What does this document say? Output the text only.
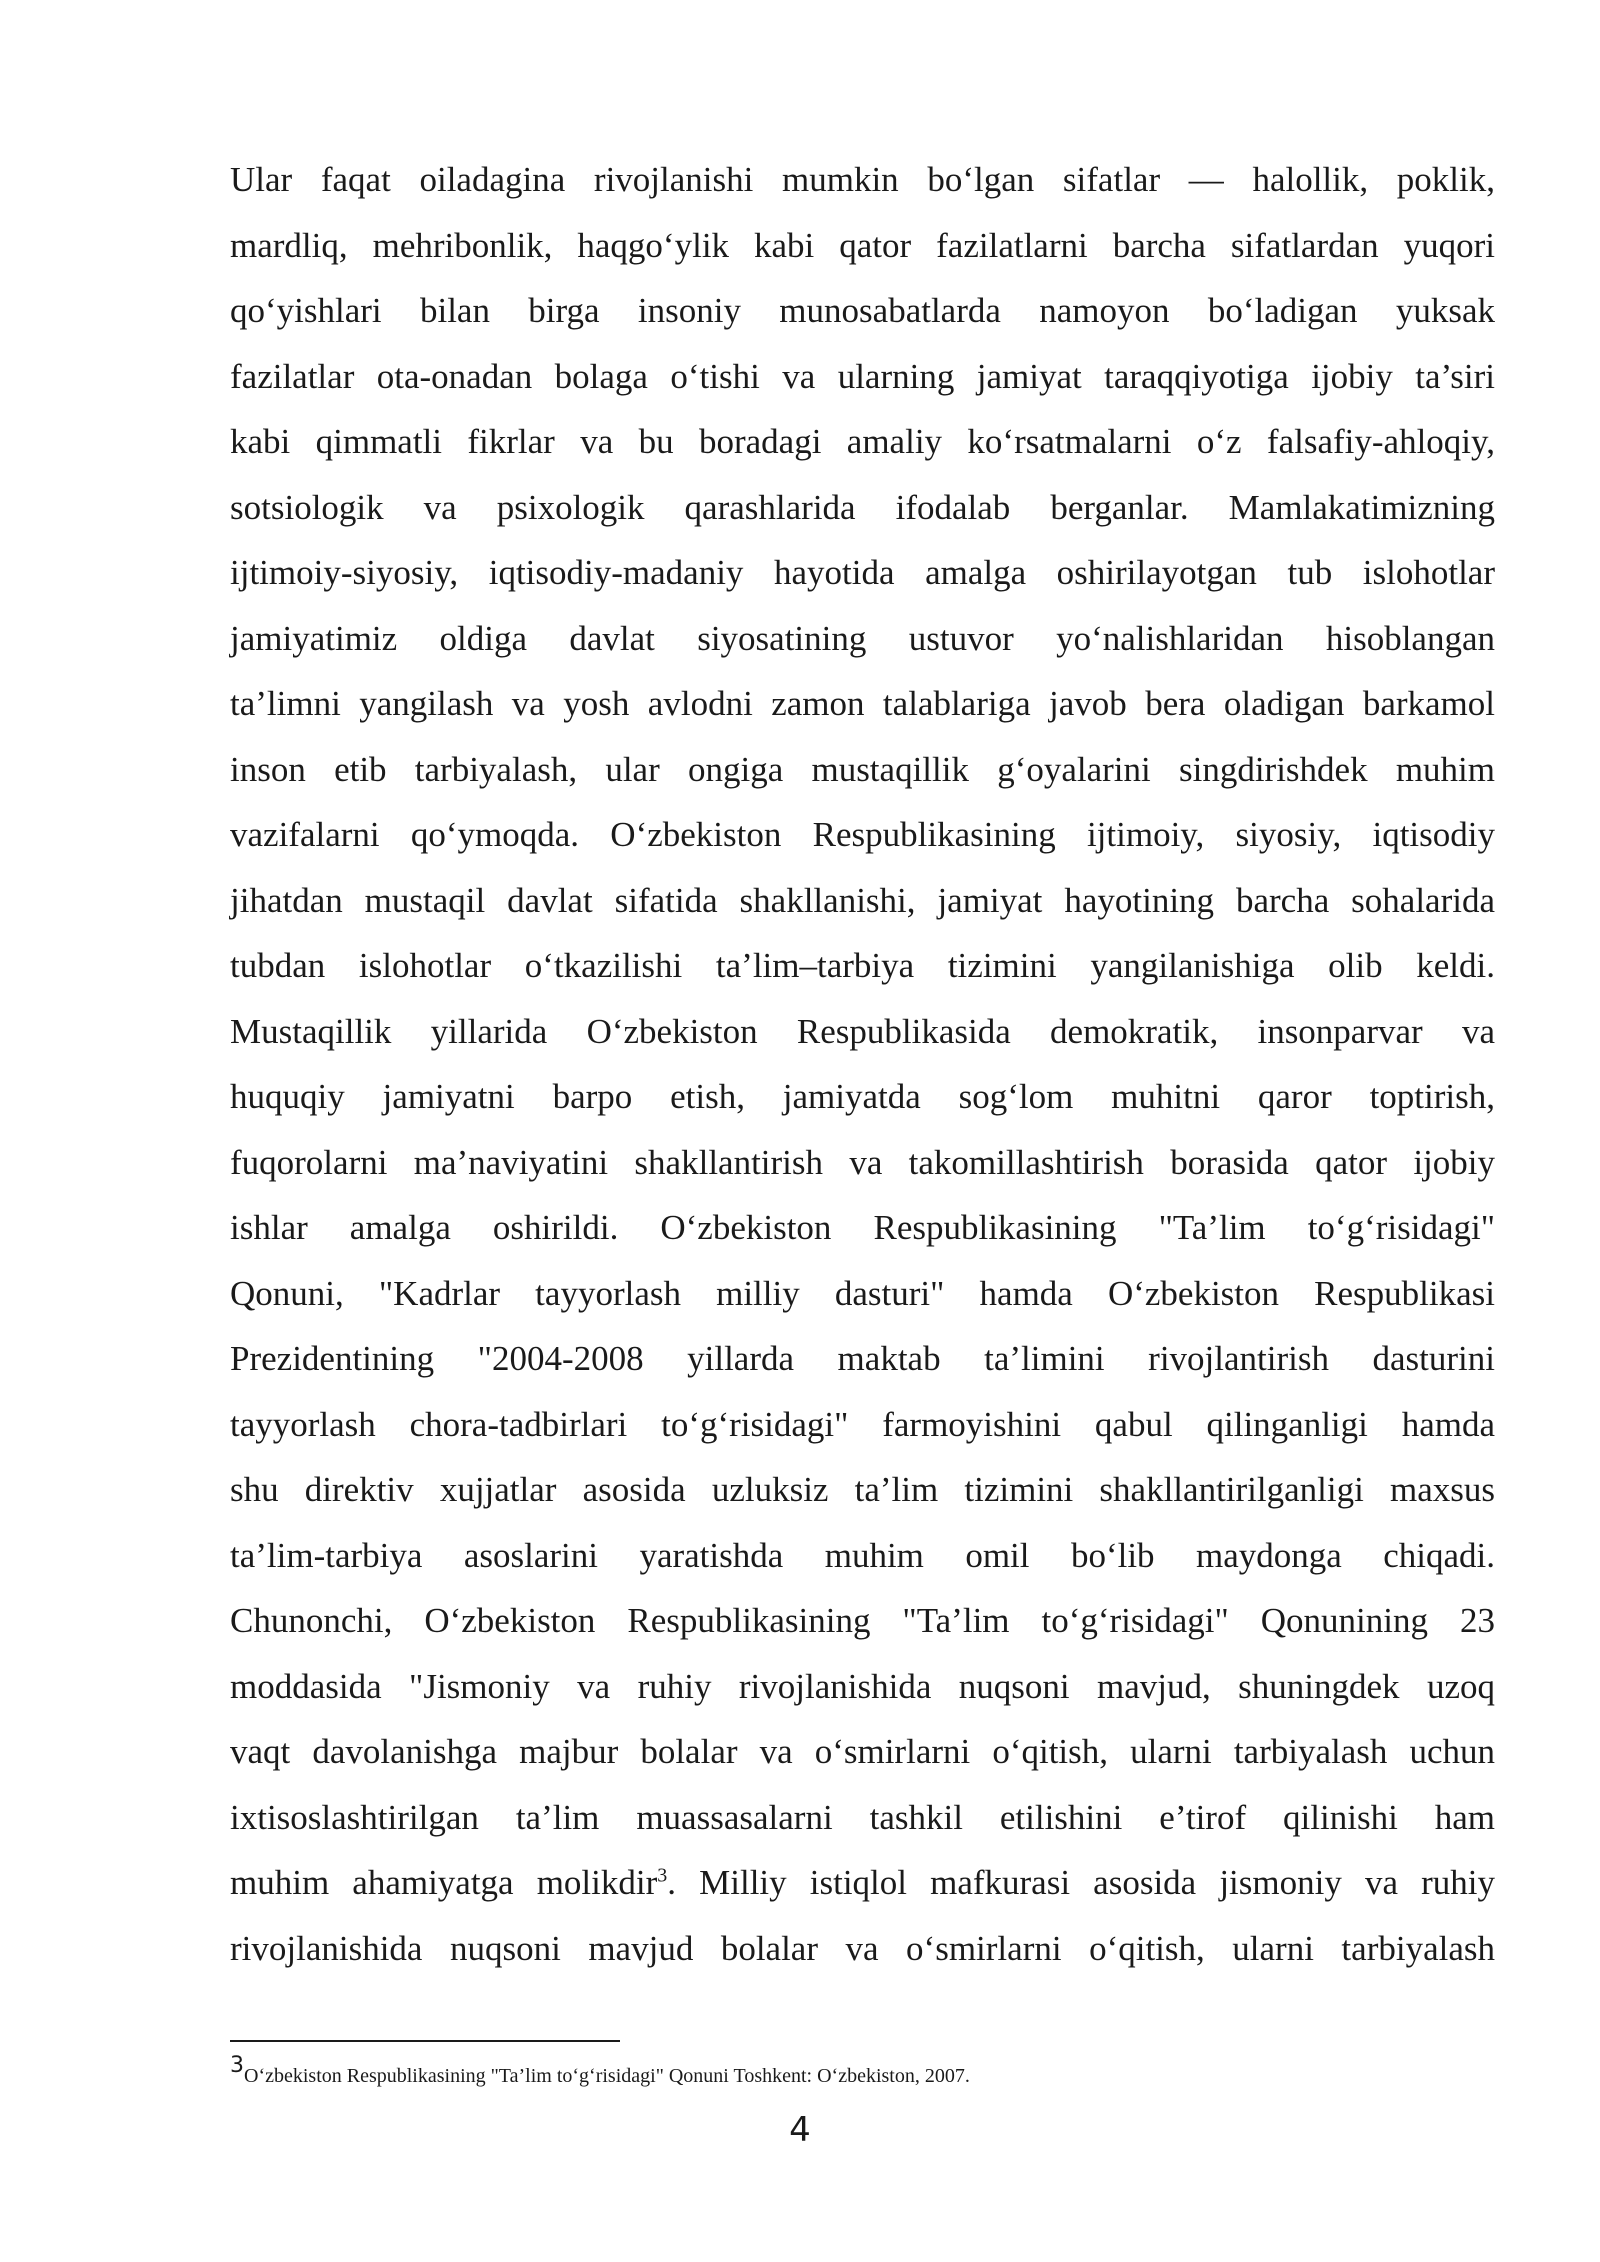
Ular faqat oiladagina rivojlanishi mumkin bo‘lgan sifatlar — halollik, poklik,
mardliq, mehribonlik, haqgo‘ylik kabi qator fazilatlarni barcha sifatlardan yuqori
qo‘yishlari bilan birga insoniy munosabatlarda namoyon bo‘ladigan yuksak
fazilatlar ota-onadan bolaga o‘tishi va ularning jamiyat taraqqiyotiga ijobiy ta’siri
kabi qimmatli fikrlar va bu boradagi amaliy ko‘rsatmalarni o‘z falsafiy-ahloqiy,
sotsiologik va psixologik qarashlarida ifodalab berganlar. Mamlakatimizning
ijtimoiy-siyosiy, iqtisodiy-madaniy hayotida amalga oshirilayotgan tub islohotlar
jamiyatimiz oldiga davlat siyosatining ustuvor yo‘nalishlaridan hisoblangan
ta’limni yangilash va yosh avlodni zamon talablariga javob bera oladigan barkamol
inson etib tarbiyalash, ular ongiga mustaqillik g‘oyalarini singdirishdek muhim
vazifalarni qo‘ymoqda. O‘zbekiston Respublikasining ijtimoiy, siyosiy, iqtisodiy
jihatdan mustaqil davlat sifatida shakllanishi, jamiyat hayotining barcha sohalarida
tubdan islohotlar o‘tkazilishi ta’lim–tarbiya tizimini yangilanishiga olib keldi.
Mustaqillik yillarida O‘zbekiston Respublikasida demokratik, insonparvar va
huquqiy jamiyatni barpo etish, jamiyatda sog‘lom muhitni qaror toptirish,
fuqorolarni ma’naviyatini shakllantirish va takomillashtirish borasida qator ijobiy
ishlar amalga oshirildi. O‘zbekiston Respublikasining "Ta’lim to‘g‘risidagi"
Qonuni, "Kadrlar tayyorlash milliy dasturi" hamda O‘zbekiston Respublikasi
Prezidentining "2004-2008 yillarda maktab ta’limini rivojlantirish dasturini
tayyorlash chora-tadbirlari to‘g‘risidagi" farmoyishini qabul qilinganligi hamda
shu direktiv xujjatlar asosida uzluksiz ta’lim tizimini shakllantirilganligi maxsus
ta’lim-tarbiya asoslarini yaratishda muhim omil bo‘lib maydonga chiqadi.
Chunonchi, O‘zbekiston Respublikasining "Ta’lim to‘g‘risidagi" Qonunining 23
moddasida "Jismoniy va ruhiy rivojlanishida nuqsoni mavjud, shuningdek uzoq
vaqt davolanishga majbur bolalar va o‘smirlarni o‘qitish, ularni tarbiyalash uchun
ixtisoslashtirilgan ta’lim muassasalarni tashkil etilishini e’tirof qilinishi ham
muhim ahamiyatga molikdir$^3$. Milliy istiqlol mafkurasi asosida jismoniy va ruhiy
rivojlanishida nuqsoni mavjud bolalar va o‘smirlarni o‘qitish, ularni tarbiyalash

3O‘zbekiston Respublikasining "Ta’lim to‘g‘risidagi" Qonuni Toshkent: O‘zbekiston, 2007.
4
